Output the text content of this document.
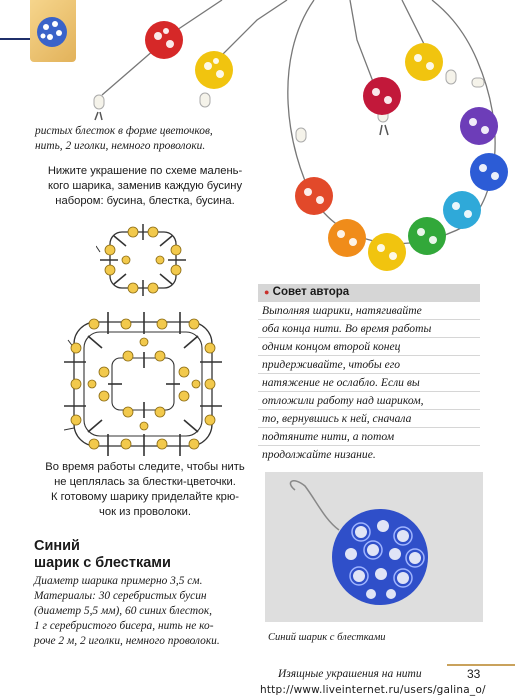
ристых блесток в форме цветочков,
нить, 2 иголки, немного проволоки.
Нижите украшение по схеме малень-
кого шарика, заменив каждую бусину
набором: бусина, блестка, бусина.
Во время работы следите, чтобы нить
не цеплялась за блестки-цветочки.
К готовому шарику приделайте крю-
чок из проволоки.
Синий
шарик с блестками
Диаметр шарика примерно 3,5 см.
Материалы: 30 серебристых бусин
(диаметр 5,5 мм), 60 синих блесток,
1 г серебристого бисера, нить не ко-
роче 2 м, 2 иголки, немного проволоки.
● Совет автора
Выполняя шарики, натягивайте
оба конца нити. Во время работы
одним концом второй конец
придерживайте, чтобы его
натяжение не ослабло. Если вы
отложили работу над шариком,
то, вернувшись к ней, сначала
подтяните нити, а потом
продолжайте низание.
Синий шарик с блестками
Изящные украшения на нити	33
http://www.liveinternet.ru/users/galina_o/
